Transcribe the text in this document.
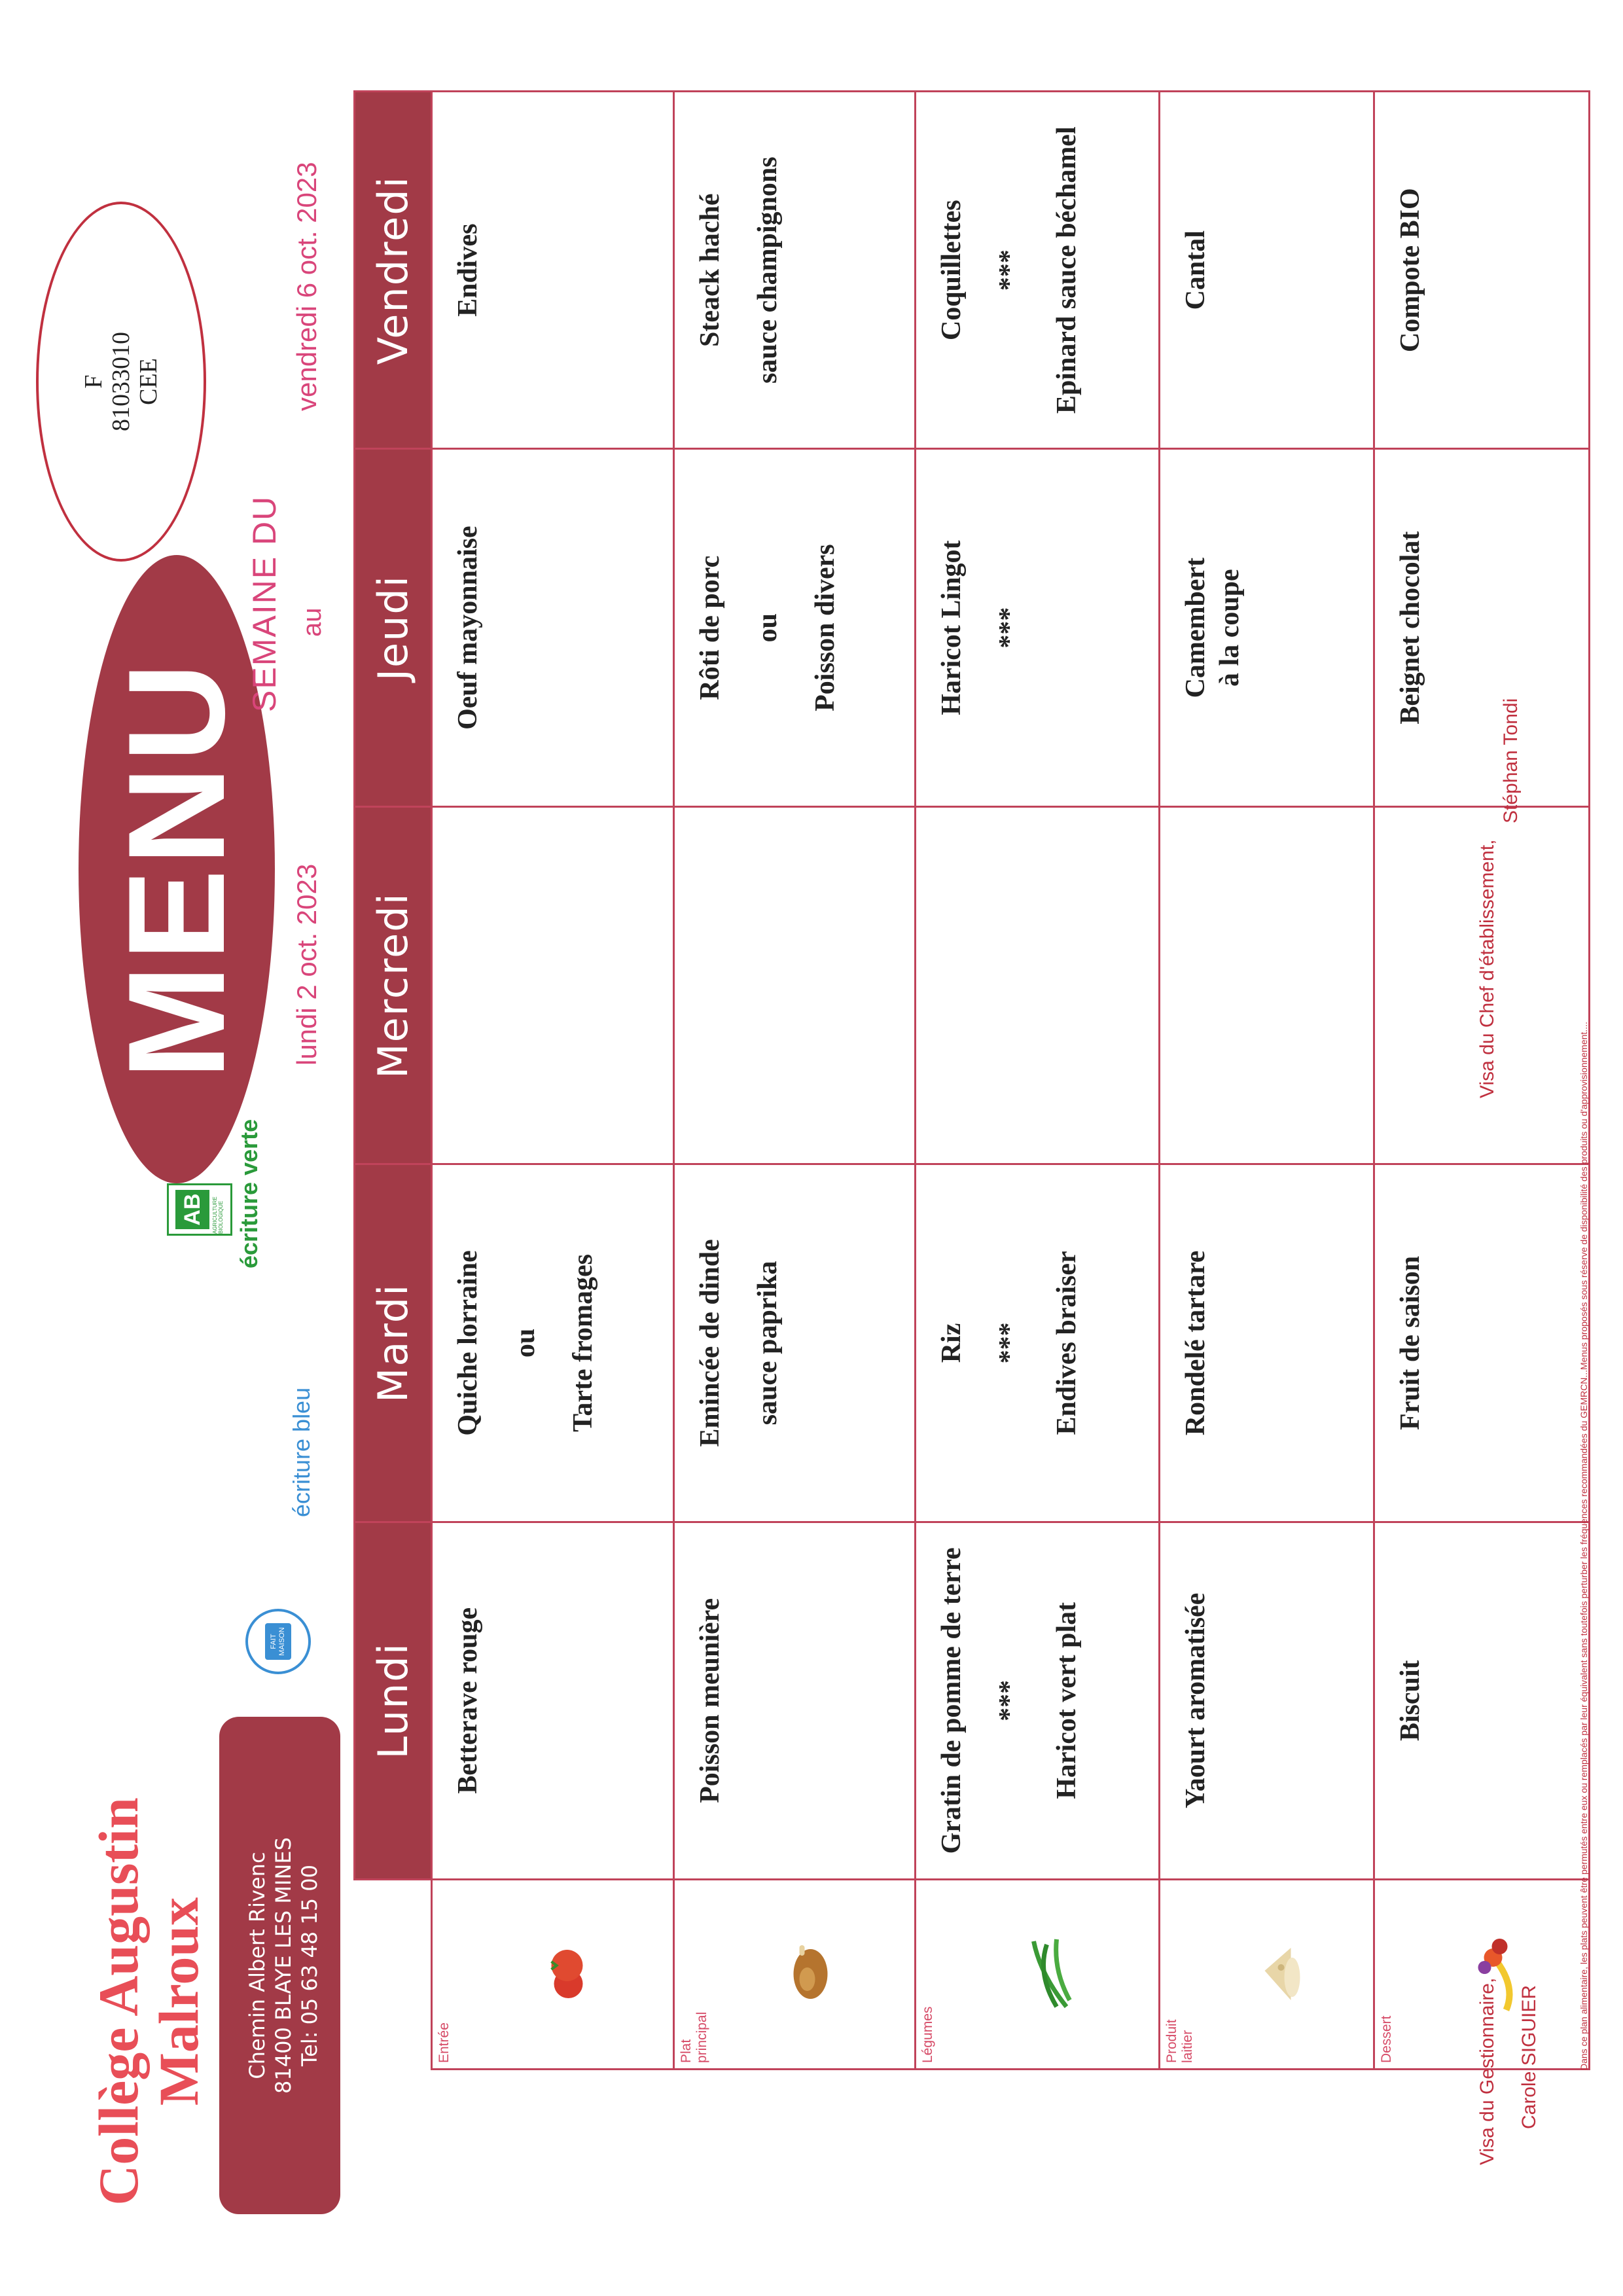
Collège Augustin
Malroux Chemin Albert Rivenc 81400 BLAYE LES MINES Tel: 05 63 48 15 00
FAIT MAISON
écriture bleu
AB	AGRICULTURE BIOLOGIQUE écriture verte
MENU lundi 2 oct. 2023
SEMAINE DU au
vendredi 6 oct. 2023
F 81033010 CEE
	Lundi	Mardi	Mercredi	Jeudi	Vendredi

Entrée	Betterave rouge	Quiche lorraine ou Tarte fromages		Oeuf mayonnaise	Endives

Plat principal	Poisson meunière	Emincée de dinde sauce paprika		Rôti de porc ou Poisson divers	Steack haché sauce champignons

Légumes	Gratin de pomme de terre *** Haricot vert plat	Riz *** Endives braiser		Haricot Lingot ***	Coquillettes *** Epinard sauce béchamel

Produit laitier	Yaourt aromatisée	Rondelé tartare		Camembert à la coupe	Cantal

Dessert	Biscuit	Fruit de saison		Beignet chocolat	Compote BIO
Visa du Gestionnaire, Carole SIGUIER
Visa du Chef d'établissement,
Stéphan Tondi
Dans ce plan alimentaire, les plats peuvent être permutés entre eux ou remplacés par leur équivalent sans toutefois perturber les fréquences recommandées du GEMRCN...Menus proposés sous réserve de disponibilité des produits ou d'approvisionnement....
